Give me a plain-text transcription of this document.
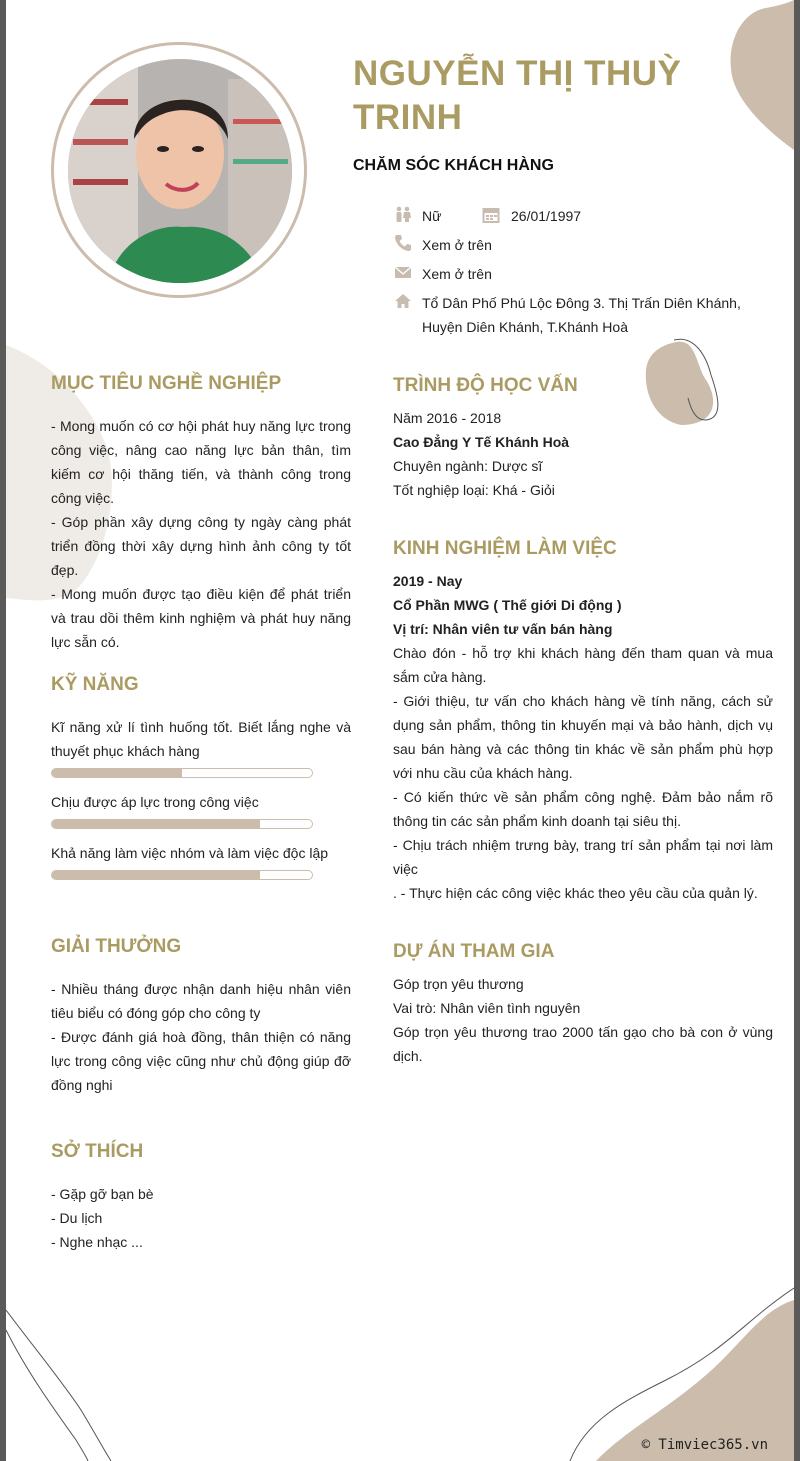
NGUYỄN THỊ THUỲ TRINH
CHĂM SÓC KHÁCH HÀNG
Nữ	26/01/1997
Xem ở trên
Xem ở trên
Tổ Dân Phố Phú Lộc Đông 3. Thị Trấn Diên Khánh,
Huyện Diên Khánh, T.Khánh Hoà
MỤC TIÊU NGHỀ NGHIỆP
- Mong muốn có cơ hội phát huy năng lực trong công việc, nâng cao năng lực bản thân, tìm kiếm cơ hội thăng tiến, và thành công trong công việc.
- Góp phần xây dựng công ty ngày càng phát triển đồng thời xây dựng hình ảnh công ty tốt đẹp.
- Mong muốn được tạo điều kiện để phát triển và trau dồi thêm kinh nghiệm và phát huy năng lực sẵn có.
KỸ NĂNG
Kĩ năng xử lí tình huống tốt. Biết lắng nghe và thuyết phục khách hàng
Chịu được áp lực trong công việc
Khả năng làm việc nhóm và làm việc độc lập
GIẢI THƯỞNG
- Nhiều tháng được nhận danh hiệu nhân viên tiêu biểu có đóng góp cho công ty
- Được đánh giá hoà đồng, thân thiện có năng lực trong công việc cũng như chủ động giúp đỡ đồng nghi
SỞ THÍCH
- Gặp gỡ bạn bè
- Du lịch
- Nghe nhạc ...
TRÌNH ĐỘ HỌC VẤN
Năm 2016 - 2018
Cao Đẳng Y Tế Khánh Hoà
Chuyên ngành: Dược sĩ
Tốt nghiệp loại: Khá - Giỏi
KINH NGHIỆM LÀM VIỆC
2019 - Nay
Cổ Phần MWG ( Thế giới Di động )
Vị trí: Nhân viên tư vấn bán hàng
Chào đón - hỗ trợ khi khách hàng đến tham quan và mua sắm cửa hàng.
- Giới thiệu, tư vấn cho khách hàng về tính năng, cách sử dụng sản phẩm, thông tin khuyến mại và bảo hành, dịch vụ sau bán hàng và các thông tin khác về sản phẩm phù hợp với nhu cầu của khách hàng.
- Có kiến thức về sản phẩm công nghệ. Đảm bảo nắm rõ thông tin các sản phẩm kinh doanh tại siêu thị.
- Chịu trách nhiệm trưng bày, trang trí sản phẩm tại nơi làm việc
. - Thực hiện các công việc khác theo yêu cầu của quản lý.
DỰ ÁN THAM GIA
Góp trọn yêu thương
Vai trò: Nhân viên tình nguyên
Góp trọn yêu thương trao 2000 tấn gạo cho bà con ở vùng dịch.
© Timviec365.vn
